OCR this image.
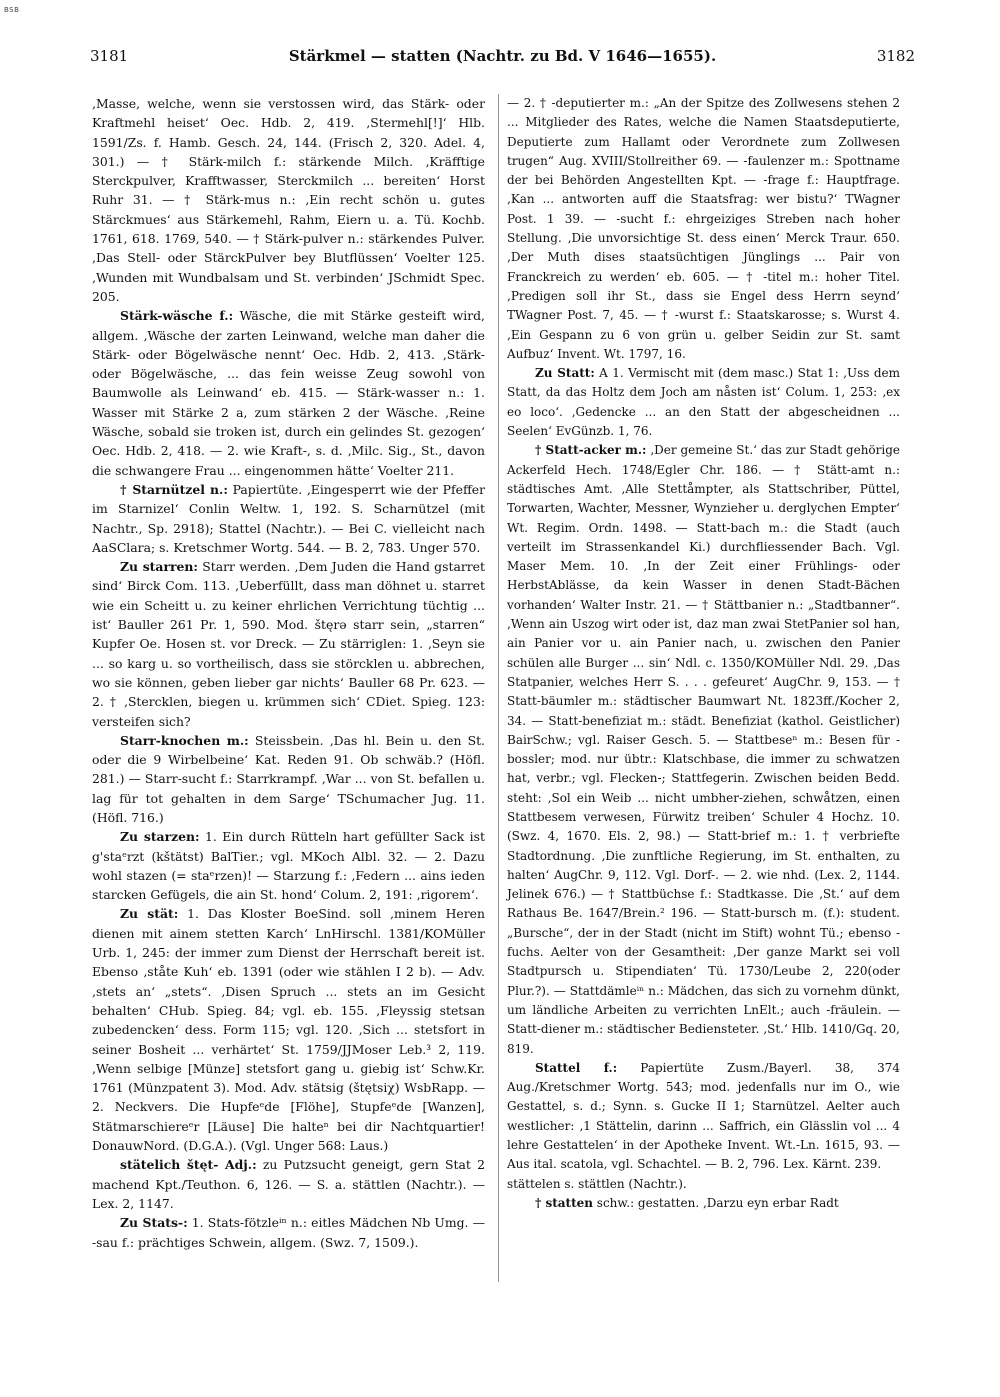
BSB
3181	Stärkmel — statten (Nachtr. zu Bd. V 1646—1655).	3182

‚Masse, welche, wenn sie verstossen wird, das Stärk- oder Kraftmehl heiset‘ Oec. Hdb. 2, 419. ‚Stermehl[!]‘ Hlb. 1591/Zs. f. Hamb. Gesch. 24, 144. (Frisch 2, 320. Adel. 4, 301.) — † Stärk-milch f.: stärkende Milch. ‚Kräfftige Sterckpulver, Krafftwasser, Sterckmilch ... bereiten‘ Horst Ruhr 31. — † Stärk-mus n.: ‚Ein recht schön u. gutes Stärckmues‘ aus Stärkemehl, Rahm, Eiern u. a. Tü. Kochb. 1761, 618. 1769, 540. — † Stärk-pulver n.: stärkendes Pulver. ‚Das Stell- oder StärckPulver bey Blutflüssen‘ Voelter 125. ‚Wunden mit Wundbalsam und St. verbinden‘ JSchmidt Spec. 205.

Stärk-wäsche f.: Wäsche, die mit Stärke gesteift wird, allgem. ‚Wäsche der zarten Leinwand, welche man daher die Stärk- oder Bögelwäsche nennt‘ Oec. Hdb. 2, 413. ‚Stärk- oder Bögelwäsche, ... das fein weisse Zeug sowohl von Baumwolle als Leinwand‘ eb. 415. — Stärk-wasser n.: 1. Wasser mit Stärke 2 a, zum stärken 2 der Wäsche. ‚Reine Wäsche, sobald sie troken ist, durch ein gelindes St. gezogen‘ Oec. Hdb. 2, 418. — 2. wie Kraft-, s. d. ‚Milc. Sig., St., davon die schwangere Frau ... eingenommen hätte‘ Voelter 211.

† Starnützel n.: Papiertüte. ‚Eingesperrt wie der Pfeffer im Starnizel‘ Conlin Weltw. 1, 192. S. Scharnützel (mit Nachtr., Sp. 2918); Stattel (Nachtr.). — Bei C. vielleicht nach AaSClara; s. Kretschmer Wortg. 544. — B. 2, 783. Unger 570.

Zu starren: Starr werden. ‚Dem Juden die Hand gstarret sind‘ Birck Com. 113. ‚Ueberfüllt, dass man döhnet u. starret wie ein Scheitt u. zu keiner ehrlichen Verrichtung tüchtig ... ist‘ Bauller 261 Pr. 1, 590. Mod. štęrə starr sein, „starren“ Kupfer Oe. Hosen st. vor Dreck. — Zu stärriglen: 1. ‚Seyn sie ... so karg u. so vortheilisch, dass sie störcklen u. abbrechen, wo sie können, geben lieber gar nichts‘ Bauller 68 Pr. 623. — 2. † ‚Stercklen, biegen u. krümmen sich‘ CDiet. Spieg. 123: versteifen sich?

Starr-knochen m.: Steissbein. ‚Das hl. Bein u. den St. oder die 9 Wirbelbeine‘ Kat. Reden 91. Ob schwäb.? (Höfl. 281.) — Starr-sucht f.: Starrkrampf. ‚War ... von St. befallen u. lag für tot gehalten in dem Sarge‘ TSchumacher Jug. 11. (Höfl. 716.)

Zu starzen: 1. Ein durch Rütteln hart gefüllter Sack ist g'staᵉrzt (kštätst) BalTier.; vgl. MKoch Albl. 32. — 2. Dazu wohl stazen (= staᵉrzen)! — Starzung f.: ‚Federn ... ains ieden starcken Gefügels, die ain St. hond‘ Colum. 2, 191: ‚rigorem‘.

Zu stät: 1. Das Kloster BoeSind. soll ‚minem Heren dienen mit ainem stetten Karch‘ LnHirschl. 1381/KOMüller Urb. 1, 245: der immer zum Dienst der Herrschaft bereit ist. Ebenso ‚ståte Kuh‘ eb. 1391 (oder wie stählen I 2 b). — Adv. ‚stets an‘ „stets“. ‚Disen Spruch ... stets an im Gesicht behalten‘ CHub. Spieg. 84; vgl. eb. 155. ‚Fleyssig stetsan zubedencken‘ dess. Form 115; vgl. 120. ‚Sich ... stetsfort in seiner Bosheit ... verhärtet‘ St. 1759/JJMoser Leb.³ 2, 119. ‚Wenn selbige [Münze] stetsfort gang u. giebig ist‘ Schw.Kr. 1761 (Münzpatent 3). Mod. Adv. stätsig (štętsiχ) WsbRapp. — 2. Neckvers. Die Hupfeᵉde [Flöhe], Stupfeᵉde [Wanzen], Stätmarschiereᵉr [Läuse] Die halteⁿ bei dir Nachtquartier! DonauwNord. (D.G.A.). (Vgl. Unger 568: Laus.)

stätelich štęt- Adj.: zu Putzsucht geneigt, gern Stat 2 machend Kpt./Teuthon. 6, 126. — S. a. stättlen (Nachtr.). — Lex. 2, 1147.

Zu Stats-: 1. Stats-fötzleⁱⁿ n.: eitles Mädchen Nb Umg. — -sau f.: prächtiges Schwein, allgem. (Swz. 7, 1509.).

— 2. † -deputierter m.: „An der Spitze des Zollwesens stehen 2 ... Mitglieder des Rates, welche die Namen Staatsdeputierte, Deputierte zum Hallamt oder Verordnete zum Zollwesen trugen“ Aug. XVIII/Stollreither 69. — -faulenzer m.: Spottname der bei Behörden Angestellten Kpt. — -frage f.: Hauptfrage. ‚Kan ... antworten auff die Staatsfrag: wer bistu?‘ TWagner Post. 1 39. — -sucht f.: ehrgeiziges Streben nach hoher Stellung. ‚Die unvorsichtige St. dess einen‘ Merck Traur. 650. ‚Der Muth dises staatsüchtigen Jünglings ... Pair von Franckreich zu werden‘ eb. 605. — † -titel m.: hoher Titel. ‚Predigen soll ihr St., dass sie Engel dess Herrn seynd‘ TWagner Post. 7, 45. — † -wurst f.: Staatskarosse; s. Wurst 4. ‚Ein Gespann zu 6 von grün u. gelber Seidin zur St. samt Aufbuz‘ Invent. Wt. 1797, 16.

Zu Statt: A 1. Vermischt mit (dem masc.) Stat 1: ‚Uss dem Statt, da das Holtz dem Joch am nåsten ist‘ Colum. 1, 253: ‚ex eo loco‘. ‚Gedencke ... an den Statt der abgescheidnen ... Seelen‘ EvGünzb. 1, 76.

† Statt-acker m.: ‚Der gemeine St.‘ das zur Stadt gehörige Ackerfeld Hech. 1748/Egler Chr. 186. — † Stätt-amt n.: städtisches Amt. ‚Alle Stettåmpter, als Stattschriber, Püttel, Torwarten, Wachter, Messner, Wynzieher u. derglychen Empter‘ Wt. Regim. Ordn. 1498. — Statt-bach m.: die Stadt (auch verteilt im Strassenkandel Ki.) durchfliessender Bach. Vgl. Maser Mem. 10. ‚In der Zeit einer Frühlings- oder HerbstAblässe, da kein Wasser in denen Stadt-Bächen vorhanden‘ Walter Instr. 21. — † Stättbanier n.: „Stadtbanner“. ‚Wenn ain Uszog wirt oder ist, daz man zwai StetPanier sol han, ain Panier vor u. ain Panier nach, u. zwischen den Panier schülen alle Burger ... sin‘ Ndl. c. 1350/KOMüller Ndl. 29. ‚Das Statpanier, welches Herr S. . . . gefeuret‘ AugChr. 9, 153. — † Statt-bäumler m.: städtischer Baumwart Nt. 1823ff./Kocher 2, 34. — Statt-benefiziat m.: städt. Benefiziat (kathol. Geistlicher) BairSchw.; vgl. Raiser Gesch. 5. — Stattbeseⁿ m.: Besen für -bossler; mod. nur übtr.: Klatschbase, die immer zu schwatzen hat, verbr.; vgl. Flecken-; Stattfegerin. Zwischen beiden Bedd. steht: ‚Sol ein Weib ... nicht umbher-ziehen, schwåtzen, einen Stattbesem verwesen, Fürwitz treiben‘ Schuler 4 Hochz. 10. (Swz. 4, 1670. Els. 2, 98.) — Statt-brief m.: 1. † verbriefte Stadtordnung. ‚Die zunftliche Regierung, im St. enthalten, zu halten‘ AugChr. 9, 112. Vgl. Dorf-. — 2. wie nhd. (Lex. 2, 1144. Jelinek 676.) — † Stattbüchse f.: Stadtkasse. Die ‚St.‘ auf dem Rathaus Be. 1647/Brein.² 196. — Statt-bursch m. (f.): student. „Bursche“, der in der Stadt (nicht im Stift) wohnt Tü.; ebenso -fuchs. Aelter von der Gesamtheit: ‚Der ganze Markt sei voll Stadtpursch u. Stipendiaten‘ Tü. 1730/Leube 2, 220(oder Plur.?). — Stattdämleⁱⁿ n.: Mädchen, das sich zu vornehm dünkt, um ländliche Arbeiten zu verrichten LnElt.; auch -fräulein. — Statt-diener m.: städtischer Bediensteter. ‚St.‘ Hlb. 1410/Gq. 20, 819.

Stattel f.: Papiertüte Zusm./Bayerl. 38, 374 Aug./Kretschmer Wortg. 543; mod. jedenfalls nur im O., wie Gestattel, s. d.; Synn. s. Gucke II 1; Starnützel. Aelter auch westlicher: ‚1 Stättelin, darinn ... Saffrich, ein Glässlin vol ... 4 lehre Gestattelen‘ in der Apotheke Invent. Wt.-Ln. 1615, 93. — Aus ital. scatola, vgl. Schachtel. — B. 2, 796. Lex. Kärnt. 239.

stättelen s. stättlen (Nachtr.).

† statten schw.: gestatten. ‚Darzu eyn erbar Radt
